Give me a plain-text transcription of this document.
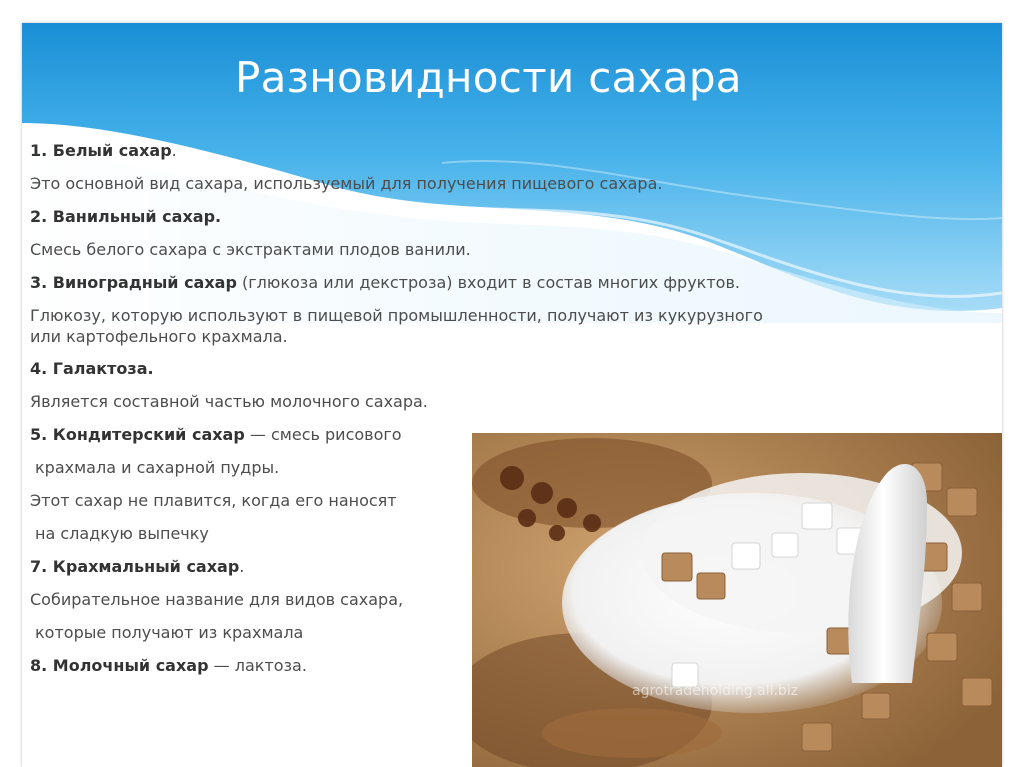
Разновидности сахара
agrotradeholding.all.biz
1. Белый сахар.
Это основной вид сахара, используемый для получения пищевого сахара.
2. Ванильный сахар.
Смесь белого сахара с экстрактами плодов ванили.
3. Виноградный сахар (глюкоза или декстроза) входит в состав многих фруктов.
Глюкозу, которую используют в пищевой промышленности, получают из кукурузного или картофельного крахмала.
4. Галактоза.
Является составной частью молочного сахара.
5. Кондитерский сахар — смесь рисового
крахмала и сахарной пудры.
Этот сахар не плавится, когда его наносят
на сладкую выпечку
7. Крахмальный сахар.
Собирательное название для видов сахара,
которые получают из крахмала
8. Молочный сахар — лактоза.
